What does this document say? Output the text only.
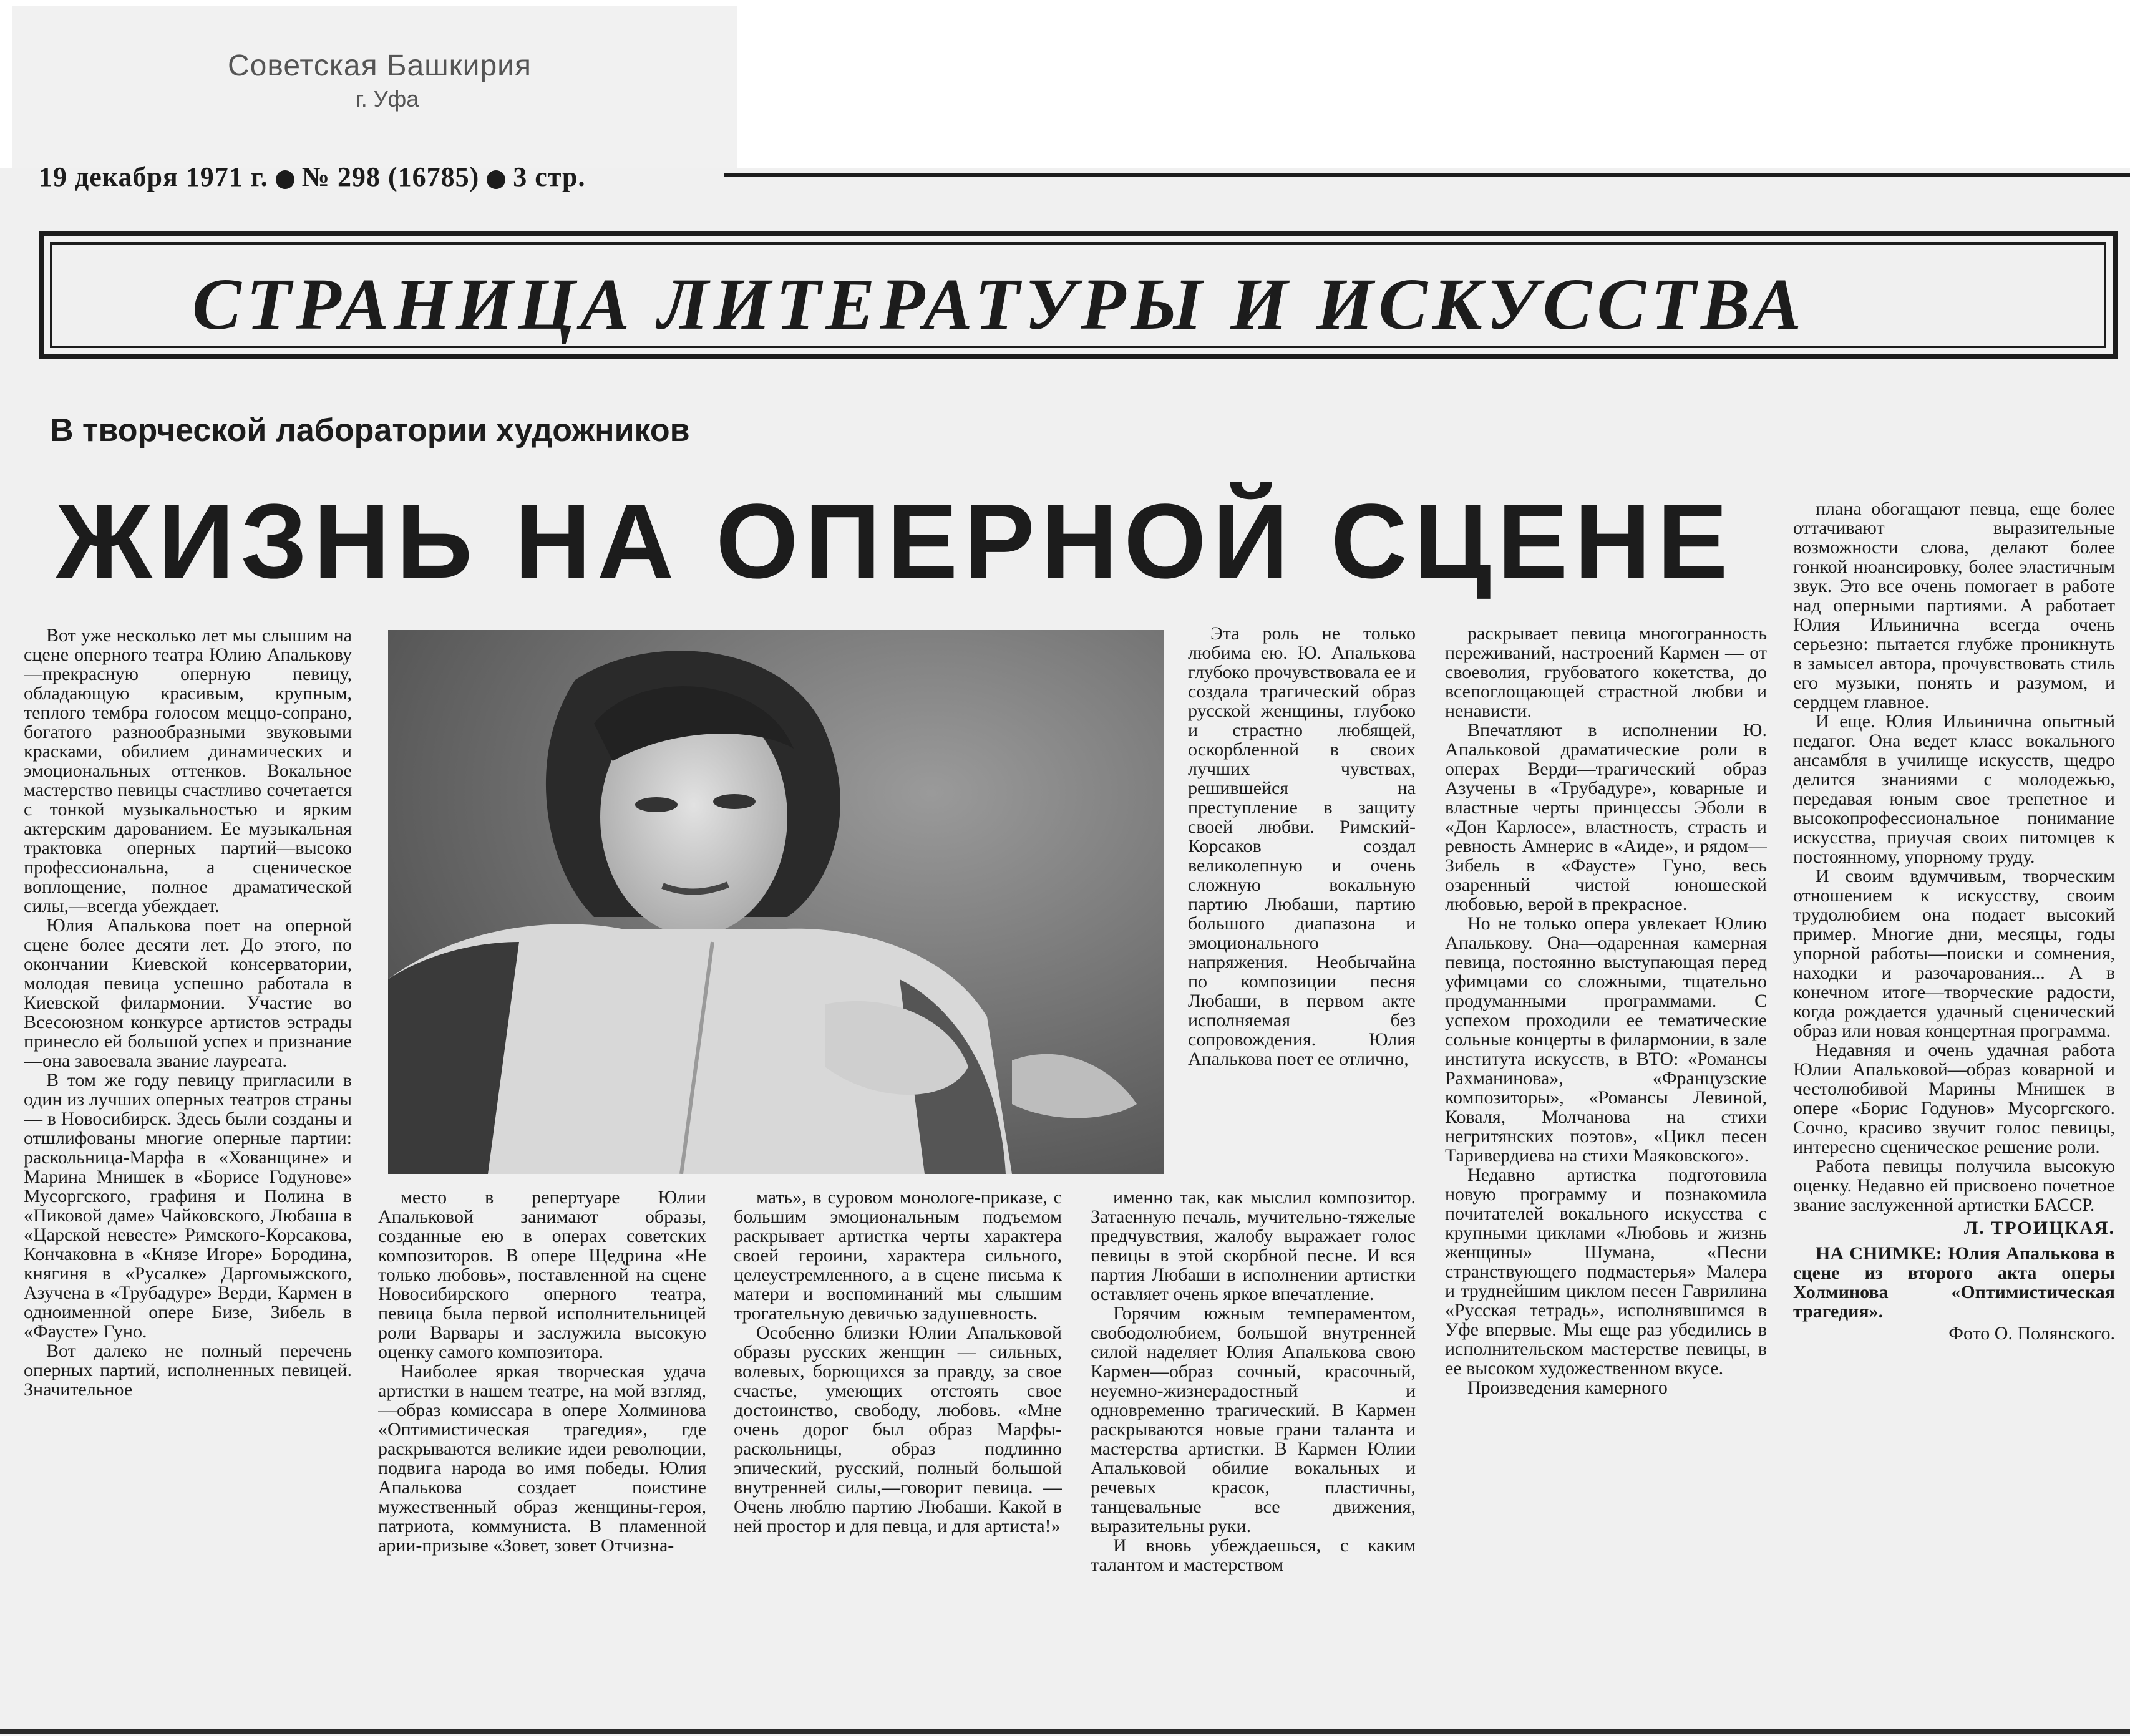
Советская Башкирия
г. Уфа
19 декабря 1971 г. № 298 (16785) 3 стр.
СТРАНИЦА ЛИТЕРАТУРЫ И ИСКУССТВА
В творческой лаборатории художников
ЖИЗНЬ НА ОПЕРНОЙ СЦЕНЕ

Вот уже несколько лет мы слышим на сцене оперного театра Юлию Апалькову—прекрасную оперную певицу, обладающую красивым, крупным, теплого тембра голосом меццо-сопрано, богатого разнообразными звуковыми красками, обилием динамических и эмоциональных оттенков. Вокальное мастерство певицы счастливо сочетается с тонкой музыкальностью и ярким актерским дарованием. Ее музыкальная трактовка оперных партий—высоко профессиональна, а сценическое воплощение, полное драматической силы,—всегда убеждает.

Юлия Апалькова поет на оперной сцене более десяти лет. До этого, по окончании Киевской консерватории, молодая певица успешно работала в Киевской филармонии. Участие во Всесоюзном конкурсе артистов эстрады принесло ей большой успех и признание—она завоевала звание лауреата.

В том же году певицу пригласили в один из лучших оперных театров страны — в Новосибирск. Здесь были созданы и отшлифованы многие оперные партии: раскольница-Марфа в «Хованщине» и Марина Мнишек в «Борисе Годунове» Мусоргского, графиня и Полина в «Пиковой даме» Чайковского, Любаша в «Царской невесте» Римского-Корсакова, Кончаковна в «Князе Игоре» Бородина, княгиня в «Русалке» Даргомыжского, Азучена в «Трубадуре» Верди, Кармен в одноименной опере Бизе, Зибель в «Фаусте» Гуно.

Вот далеко не полный перечень оперных партий, исполненных певицей. Значительное

место в репертуаре Юлии Апальковой занимают образы, созданные ею в операх советских композиторов. В опере Щедрина «Не только любовь», поставленной на сцене Новосибирского оперного театра, певица была первой исполнительницей роли Варвары и заслужила высокую оценку самого композитора.

Наиболее яркая творческая удача артистки в нашем театре, на мой взгляд,—образ комиссара в опере Холминова «Оптимистическая трагедия», где раскрываются великие идеи революции, подвига народа во имя победы. Юлия Апалькова создает поистине мужественный образ женщины-героя, патриота, коммуниста. В пламенной арии-призыве «Зовет, зовет Отчизна-

мать», в суровом монологе-приказе, с большим эмоциональным подъемом раскрывает артистка черты характера своей героини, характера сильного, целеустремленного, а в сцене письма к матери и воспоминаний мы слышим трогательную девичью задушевность.

Особенно близки Юлии Апальковой образы русских женщин — сильных, волевых, борющихся за правду, за свое счастье, умеющих отстоять свое достоинство, свободу, любовь. «Мне очень дорог был образ Марфы-раскольницы, образ подлинно эпический, русский, полный большой внутренней силы,—говорит певица. —Очень люблю партию Любаши. Какой в ней простор и для певца, и для артиста!»

Эта роль не только любима ею. Ю. Апалькова глубоко прочувствовала ее и создала трагический образ русской женщины, глубоко и страстно любящей, оскорбленной в своих лучших чувствах, решившейся на преступление в защиту своей любви. Римский-Корсаков создал великолепную и очень сложную вокальную партию Любаши, партию большого диапазона и эмоционального напряжения. Необычайна по композиции песня Любаши, в первом акте исполняемая без сопровождения. Юлия Апалькова поет ее отлично,

именно так, как мыслил композитор. Затаенную печаль, мучительно-тяжелые предчувствия, жалобу выражает голос певицы в этой скорбной песне. И вся партия Любаши в исполнении артистки оставляет очень яркое впечатление.

Горячим южным темпераментом, свободолюбием, большой внутренней силой наделяет Юлия Апалькова свою Кармен—образ сочный, красочный, неуемно-жизнерадостный и одновременно трагический. В Кармен раскрываются новые грани таланта и мастерства артистки. В Кармен Юлии Апальковой обилие вокальных и речевых красок, пластичны, танцевальные все движения, выразительны руки.

И вновь убеждаешься, с каким талантом и мастерством

раскрывает певица многогранность переживаний, настроений Кармен — от своеволия, грубоватого кокетства, до всепоглощающей страстной любви и ненависти.

Впечатляют в исполнении Ю. Апальковой драматические роли в операх Верди—трагический образ Азучены в «Трубадуре», коварные и властные черты принцессы Эболи в «Дон Карлосе», властность, страсть и ревность Амнерис в «Аиде», и рядом—Зибель в «Фаусте» Гуно, весь озаренный чистой юношеской любовью, верой в прекрасное.

Но не только опера увлекает Юлию Апалькову. Она—одаренная камерная певица, постоянно выступающая перед уфимцами со сложными, тщательно продуманными программами. С успехом проходили ее тематические сольные концерты в филармонии, в зале института искусств, в ВТО: «Романсы Рахманинова», «Французские композиторы», «Романсы Левиной, Коваля, Молчанова на стихи негритянских поэтов», «Цикл песен Таривердиева на стихи Маяковского».

Недавно артистка подготовила новую программу и познакомила почитателей вокального искусства с крупными циклами «Любовь и жизнь женщины» Шумана, «Песни странствующего подмастерья» Малера и труднейшим циклом песен Гаврилина «Русская тетрадь», исполнявшимся в Уфе впервые. Мы еще раз убедились в исполнительском мастерстве певицы, в ее высоком художественном вкусе.

Произведения камерного

плана обогащают певца, еще более оттачивают выразительные возможности слова, делают более гонкой нюансировку, более эластичным звук. Это все очень помогает в работе над оперными партиями. А работает Юлия Ильинична всегда очень серьезно: пытается глубже проникнуть в замысел автора, прочувствовать стиль его музыки, понять и разумом, и сердцем главное.

И еще. Юлия Ильинична опытный педагог. Она ведет класс вокального ансамбля в училище искусств, щедро делится знаниями с молодежью, передавая юным свое трепетное и высокопрофессиональное понимание искусства, приучая своих питомцев к постоянному, упорному труду.

И своим вдумчивым, творческим отношением к искусству, своим трудолюбием она подает высокий пример. Многие дни, месяцы, годы упорной работы—поиски и сомнения, находки и разочарования... А в конечном итоге—творческие радости, когда рождается удачный сценический образ или новая концертная программа.

Недавняя и очень удачная работа Юлии Апальковой—образ коварной и честолюбивой Марины Мнишек в опере «Борис Годунов» Мусоргского. Сочно, красиво звучит голос певицы, интересно сценическое решение роли.

Работа певицы получила высокую оценку. Недавно ей присвоено почетное звание заслуженной артистки БАССР.

Л. ТРОИЦКАЯ.
НА СНИМКЕ: Юлия Апалькова в сцене из второго акта оперы Холминова «Оптимистическая трагедия».
Фото О. Полянского.
